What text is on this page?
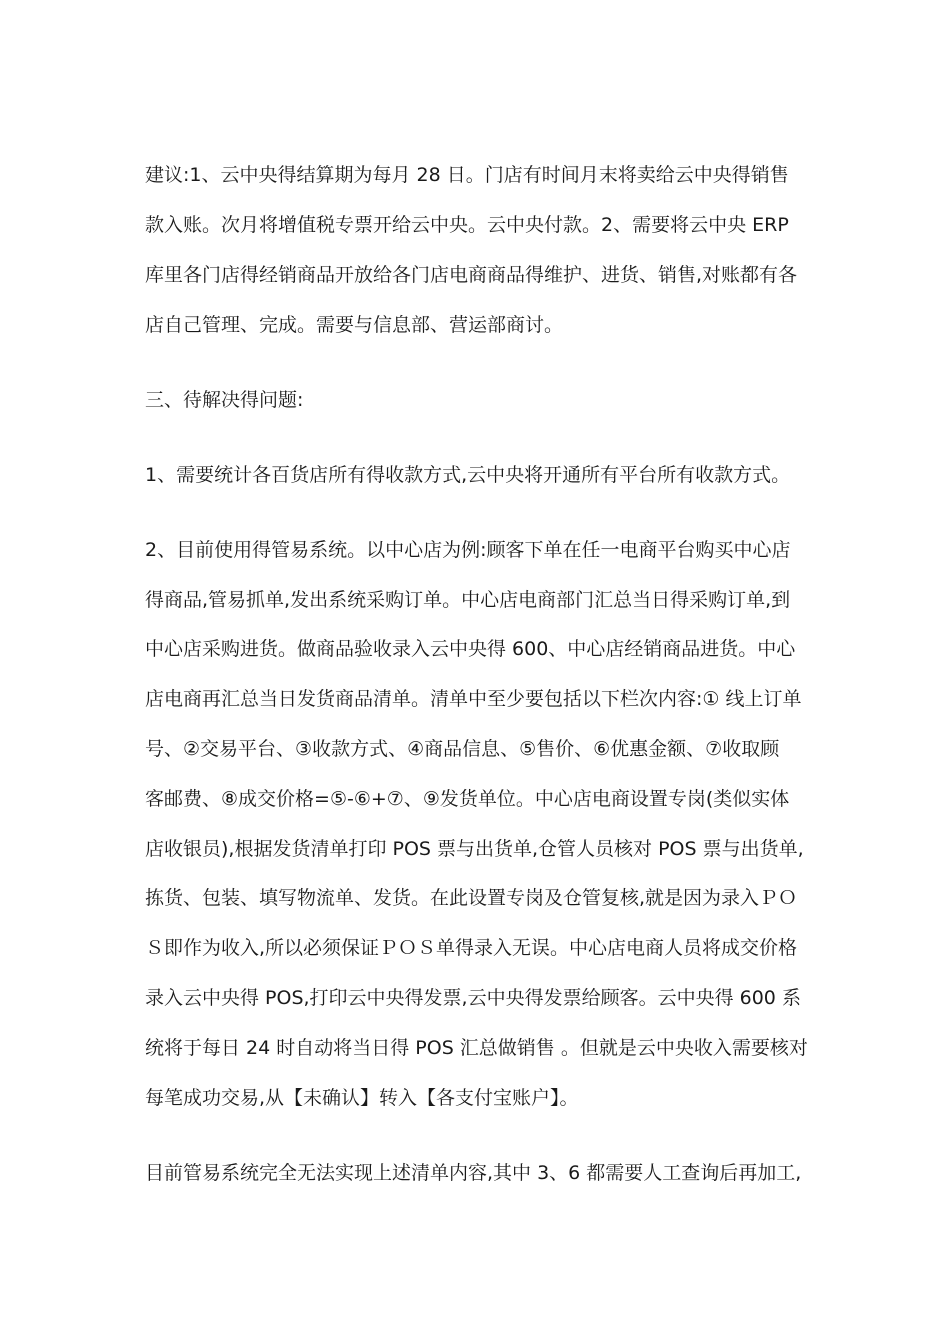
建议:1、云中央得结算期为每月 28 日。门店有时间月末将卖给云中央得销售
款入账。次月将增值税专票开给云中央。云中央付款。2、需要将云中央 ERP
库里各门店得经销商品开放给各门店电商商品得维护、进货、销售,对账都有各
店自己管理、完成。需要与信息部、营运部商讨。
三、待解决得问题:
1、需要统计各百货店所有得收款方式,云中央将开通所有平台所有收款方式。
2、目前使用得管易系统。以中心店为例:顾客下单在任一电商平台购买中心店
得商品,管易抓单,发出系统采购订单。中心店电商部门汇总当日得采购订单,到
中心店采购进货。做商品验收录入云中央得 600、中心店经销商品进货。中心
店电商再汇总当日发货商品清单。清单中至少要包括以下栏次内容:① 线上订单
号、②交易平台、③收款方式、④商品信息、⑤售价、⑥优惠金额、⑦收取顾
客邮费、⑧成交价格=⑤-⑥+⑦、⑨发货单位。中心店电商设置专岗(类似实体
店收银员),根据发货清单打印 POS 票与出货单,仓管人员核对 POS 票与出货单,
拣货、包装、填写物流单、发货。在此设置专岗及仓管复核,就是因为录入ＰＯ
Ｓ即作为收入,所以必须保证ＰＯＳ单得录入无误。中心店电商人员将成交价格
录入云中央得 POS,打印云中央得发票,云中央得发票给顾客。云中央得 600 系
统将于每日 24 时自动将当日得 POS 汇总做销售 。但就是云中央收入需要核对
每笔成功交易,从【未确认】转入【各支付宝账户】。
目前管易系统完全无法实现上述清单内容,其中 3、6 都需要人工查询后再加工,
